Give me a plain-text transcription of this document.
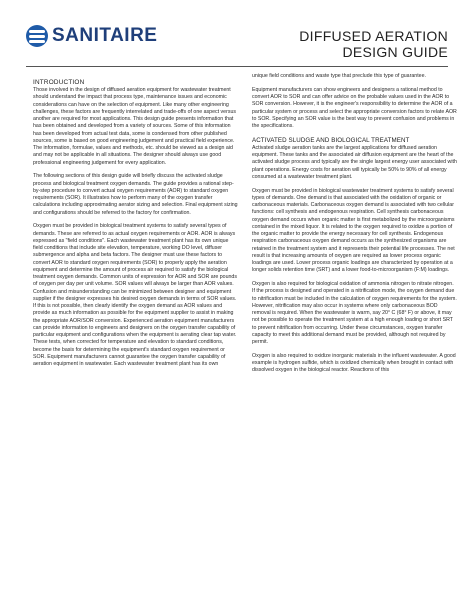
SANITAIRE	DIFFUSED AERATION
DESIGN GUIDE
INTRODUCTION

Those involved in the design of diffused aeration equipment for wastewater treatment should understand the impact that process type, maintenance issues and economic considerations can have on the selection of equipment. Like many other engineering challenges, these factors are frequently interrelated and trade-offs of one aspect versus another are required for most applications. This design guide presents information that has been obtained and developed from a variety of sources. Some of this information has been developed from actual test data, some is condensed from other published sources, some is based on good engineering judgement and practical field experience. The information, formulae, values and methods, etc. should be viewed as a design aid and may not be applicable in all situations. The designer should always use good professional engineering judgement for every application.

The following sections of this design guide will briefly discuss the activated sludge process and biological treatment oxygen demands. The guide provides a rational step-by-step procedure to convert actual oxygen requirements (AOR) to standard oxygen requirements (SOR). It illustrates how to perform many of the oxygen transfer calculations including approximating aerator sizing and selection. Final equipment sizing and configurations should be referred to the factory for confirmation.

Oxygen must be provided in biological treatment systems to satisfy several types of demands. These are referred to as actual oxygen requirements or AOR. AOR is always expressed as "field conditions". Each wastewater treatment plant has its own unique field conditions that include site elevation, temperature, working DO level, diffuser submergence and alpha and beta factors. The designer must use these factors to convert AOR to standard oxygen requirements (SOR) to properly apply the aeration equipment and determine the amount of process air required to satisfy the biological treatment oxygen demands. Common units of expression for AOR and SOR are pounds of oxygen per day per unit volume. SOR values will always be larger than AOR values. Confusion and misunderstanding can be minimized between designer and equipment supplier if the designer expresses his desired oxygen demands in terms of SOR values. If this is not possible, then clearly identify the oxygen demand as AOR values and provide as much information as possible for the equipment supplier to assist in making the appropriate AOR/SOR conversion. Experienced aeration equipment manufacturers can provide information to engineers and designers on the oxygen transfer capability of particular equipment and configurations when the equipment is aerating clear tap water. These tests, when corrected for temperature and elevation to standard conditions, become the basis for determining the equipment's standard oxygen requirement or SOR. Equipment manufacturers cannot guarantee the oxygen transfer capability of aeration equipment in wastewater. Each wastewater treatment plant has its own

unique field conditions and waste type that preclude this type of guarantee.

Equipment manufacturers can show engineers and designers a rational method to convert AOR to SOR and can offer advice on the probable values used in the AOR to SOR conversion. However, it is the engineer's responsibility to determine the AOR of a particular system or process and select the appropriate conversion factors to relate AOR to SOR. Specifying an SOR value is the best way to prevent confusion and problems in the specifications.

ACTIVATED SLUDGE AND BIOLOGICAL TREATMENT

Activated sludge aeration tanks are the largest applications for diffused aeration equipment. These tanks and the associated air diffusion equipment are the heart of the activated sludge process and typically are the single largest energy user associated with plant operations. Energy costs for aeration will typically be 50% to 90% of all energy consumed at a wastewater treatment plant.

Oxygen must be provided in biological wastewater treatment systems to satisfy several types of demands. One demand is that associated with the oxidation of organic or carbonaceous materials. Carbonaceous oxygen demand is associated with two cellular functions: cell synthesis and endogenous respiration. Cell synthesis carbonaceous oxygen demand occurs when organic matter is first metabolized by the microorganisms contained in the mixed liquor. It is related to the oxygen required to oxidize a portion of the organic matter to provide the energy necessary for cell synthesis. Endogenous respiration carbonaceous oxygen demand occurs as the synthesized organisms are retained in the treatment system and it represents their potential life processes. The net result is that increasing amounts of oxygen are required as lower process organic loadings are used. Lower process organic loadings are characterized by operation at a longer solids retention time (SRT) and a lower food-to-microorganism (F:M) loadings.

Oxygen is also required for biological oxidation of ammonia nitrogen to nitrate nitrogen. If the process is designed and operated in a nitrification mode, the oxygen demand due to nitrification must be included in the calculation of oxygen requirements for the system. However, nitrification may also occur in systems where only carbonaceous BOD removal is required. When the wastewater is warm, say 20° C (68° F) or above, it may not be possible to operate the treatment system at a high enough loading or short SRT to prevent nitrification from occurring. Under these circumstances, oxygen transfer capacity to meet this additional demand must be provided, although not required by permit.

Oxygen is also required to oxidize inorganic materials in the influent wastewater. A good example is hydrogen sulfide, which is oxidized chemically when brought in contact with dissolved oxygen in the biological reactor. Reactions of this
